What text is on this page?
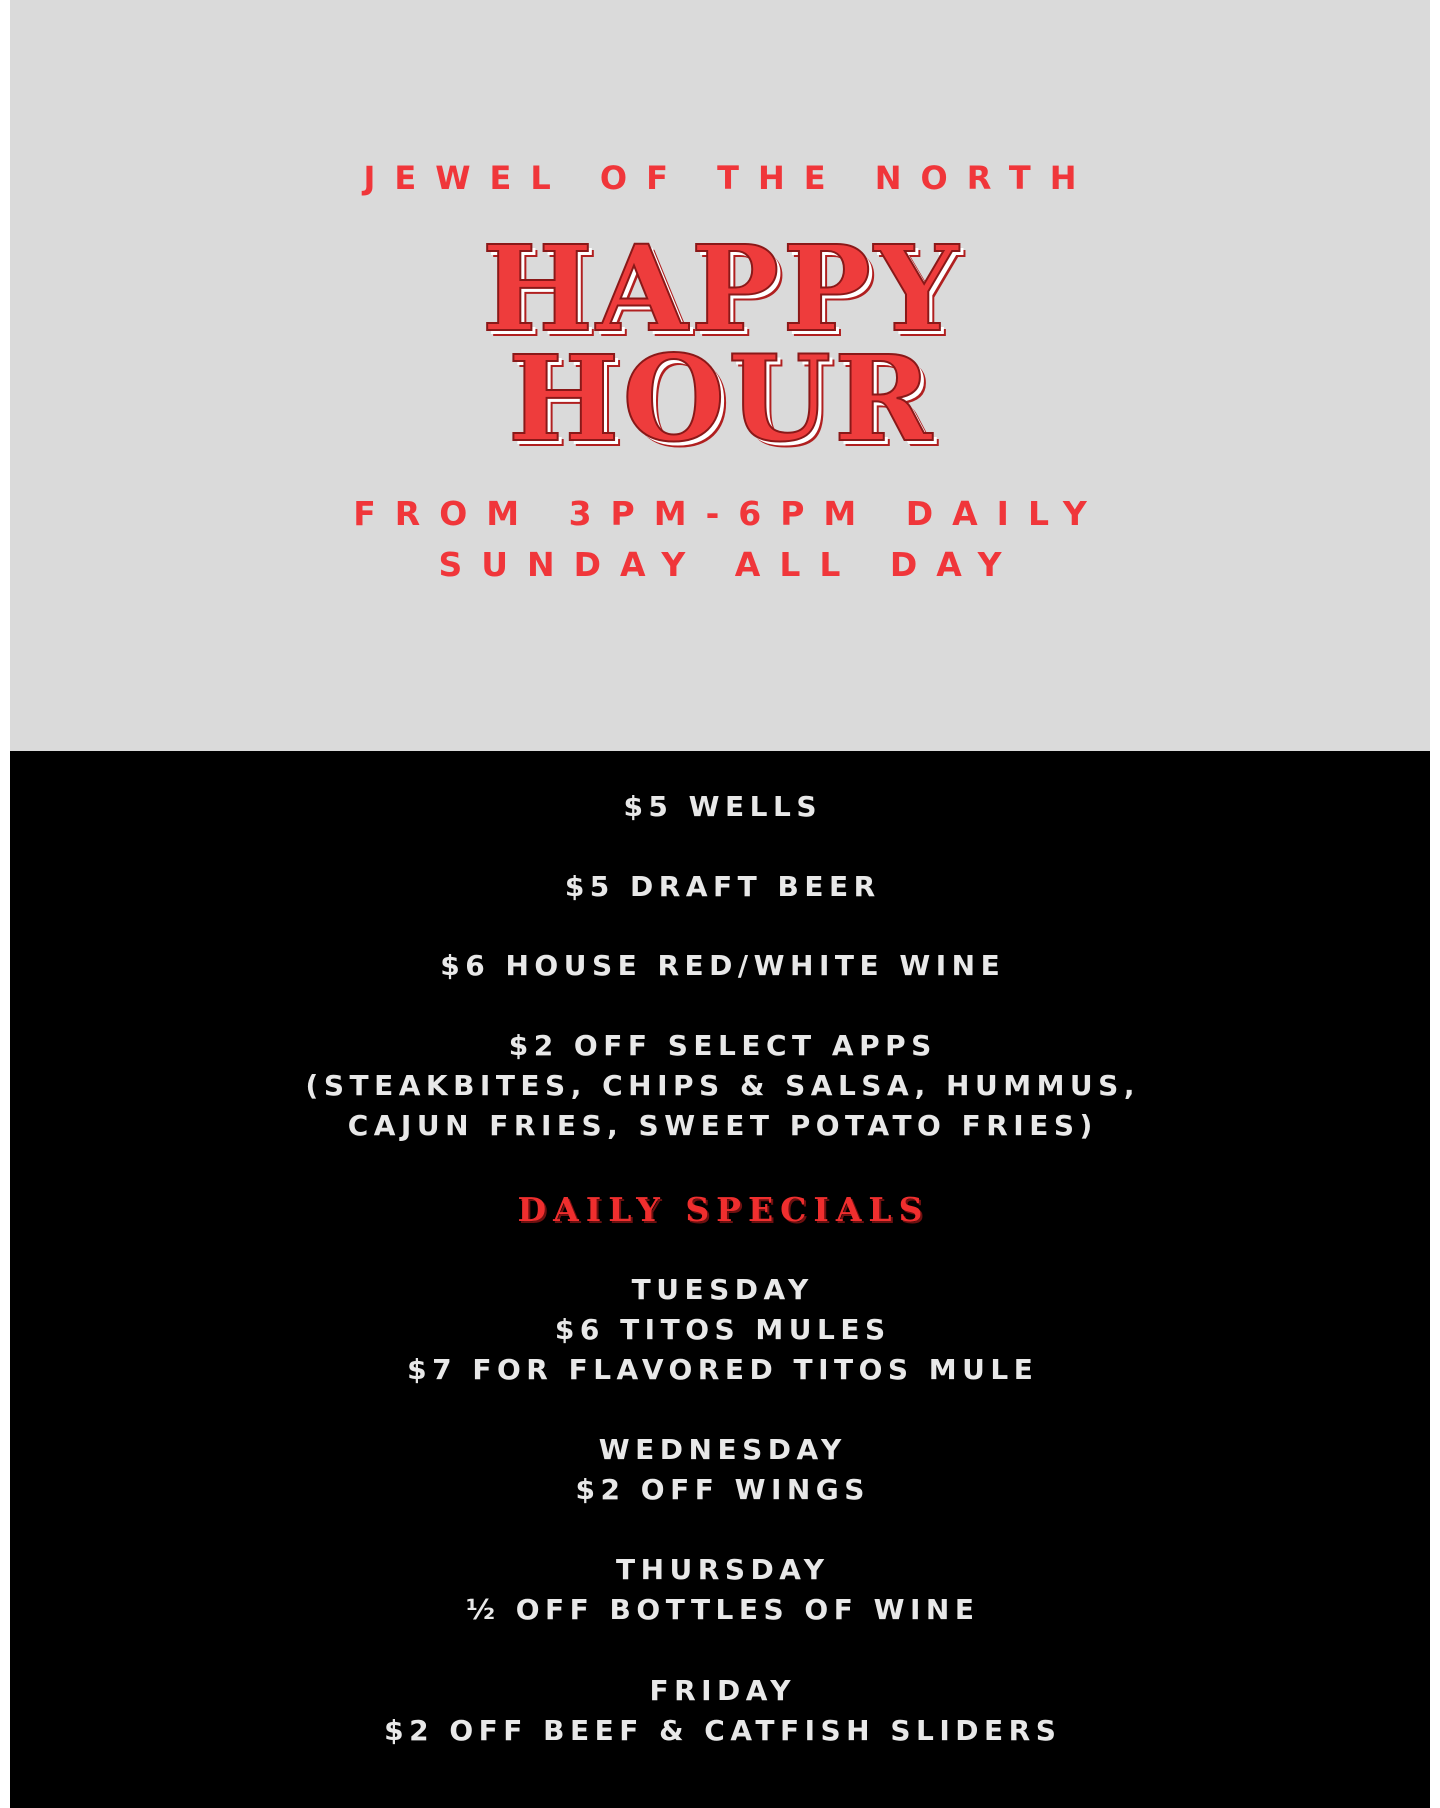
JEWEL OF THE NORTH
HAPPY
HOUR
FROM 3PM-6PM DAILY
SUNDAY ALL DAY
$5 WELLS
$5 DRAFT BEER
$6 HOUSE RED/WHITE WINE
$2 OFF SELECT APPS
(STEAKBITES, CHIPS & SALSA, HUMMUS,
CAJUN FRIES, SWEET POTATO FRIES)
DAILY SPECIALS
TUESDAY
$6 TITOS MULES
$7 FOR FLAVORED TITOS MULE
WEDNESDAY
$2 OFF WINGS
THURSDAY
½ OFF BOTTLES OF WINE
FRIDAY
$2 OFF BEEF & CATFISH SLIDERS
